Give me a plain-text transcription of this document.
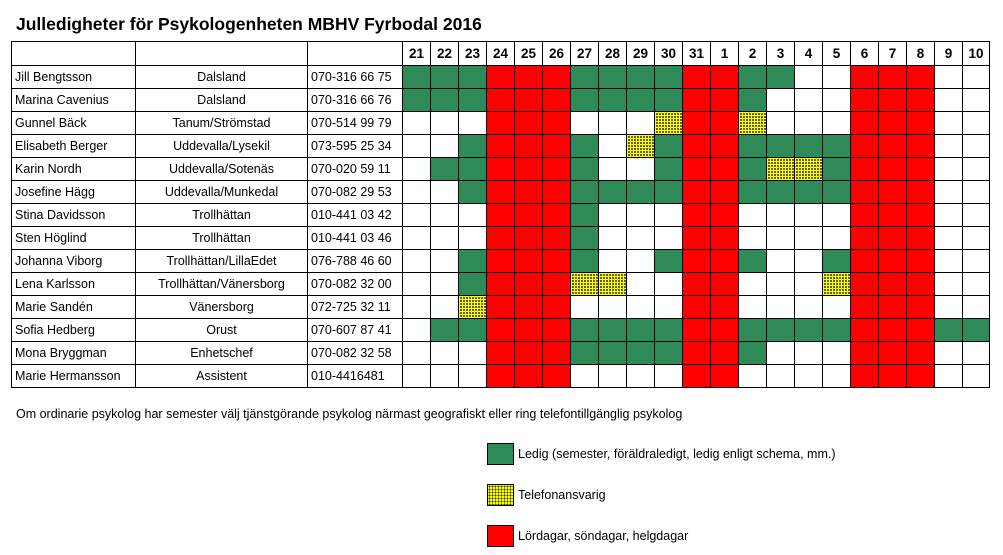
Julledigheter för Psykologenheten MBHV Fyrbodal 2016
			21	22	23	24	25	26	27	28	29	30	31	1	2	3	4	5	6	7	8	9	10
Jill Bengtsson	Dalsland	070-316 66 75																					
Marina Cavenius	Dalsland	070-316 66 76																					
Gunnel Bäck	Tanum/Strömstad	070-514 99 79																					
Elisabeth Berger	Uddevalla/Lysekil	073-595 25 34																					
Karin Nordh	Uddevalla/Sotenäs	070-020 59 11																					
Josefine Hägg	Uddevalla/Munkedal	070-082 29 53																					
Stina Davidsson	Trollhättan	010-441 03 42																					
Sten Höglind	Trollhättan	010-441 03 46																					
Johanna Viborg	Trollhättan/LillaEdet	076-788 46 60																					
Lena Karlsson	Trollhättan/Vänersborg	070-082 32 00																					
Marie Sandén	Vänersborg	072-725 32 11																					
Sofia Hedberg	Orust	070-607 87 41																					
Mona Bryggman	Enhetschef	070-082 32 58																					
Marie Hermansson	Assistent	010-4416481																					
Om ordinarie psykolog har semester välj tjänstgörande psykolog närmast geografiskt eller ring telefontillgänglig psykolog
Ledig (semester, föräldraledigt, ledig enligt schema, mm.)
Telefonansvarig
Lördagar, söndagar, helgdagar
